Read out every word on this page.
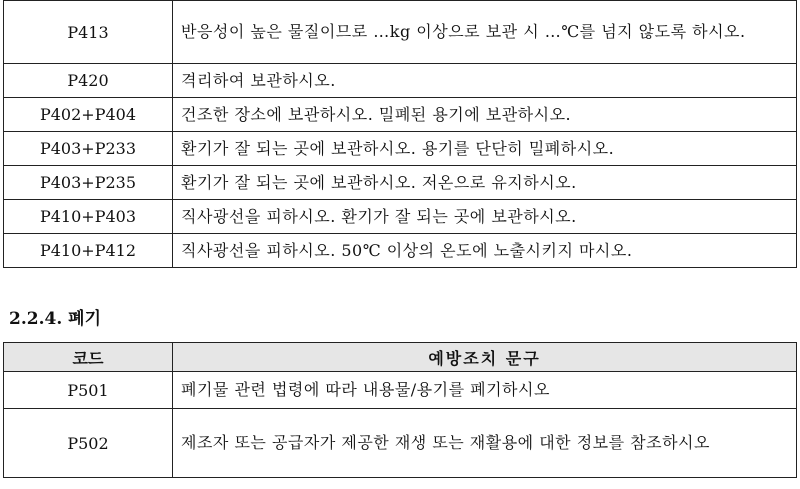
P413	반응성이 높은 물질이므로 …kg 이상으로 보관 시 …℃를 넘지 않도록 하시오.
P420	격리하여 보관하시오.
P402+P404	건조한 장소에 보관하시오. 밀폐된 용기에 보관하시오.
P403+P233	환기가 잘 되는 곳에 보관하시오. 용기를 단단히 밀폐하시오.
P403+P235	환기가 잘 되는 곳에 보관하시오. 저온으로 유지하시오.
P410+P403	직사광선을 피하시오. 환기가 잘 되는 곳에 보관하시오.
P410+P412	직사광선을 피하시오. 50℃ 이상의 온도에 노출시키지 마시오.
2.2.4. 폐기
코드	예방조치 문구
P501	폐기물 관련 법령에 따라 내용물/용기를 폐기하시오
P502	제조자 또는 공급자가 제공한 재생 또는 재활용에 대한 정보를 참조하시오
